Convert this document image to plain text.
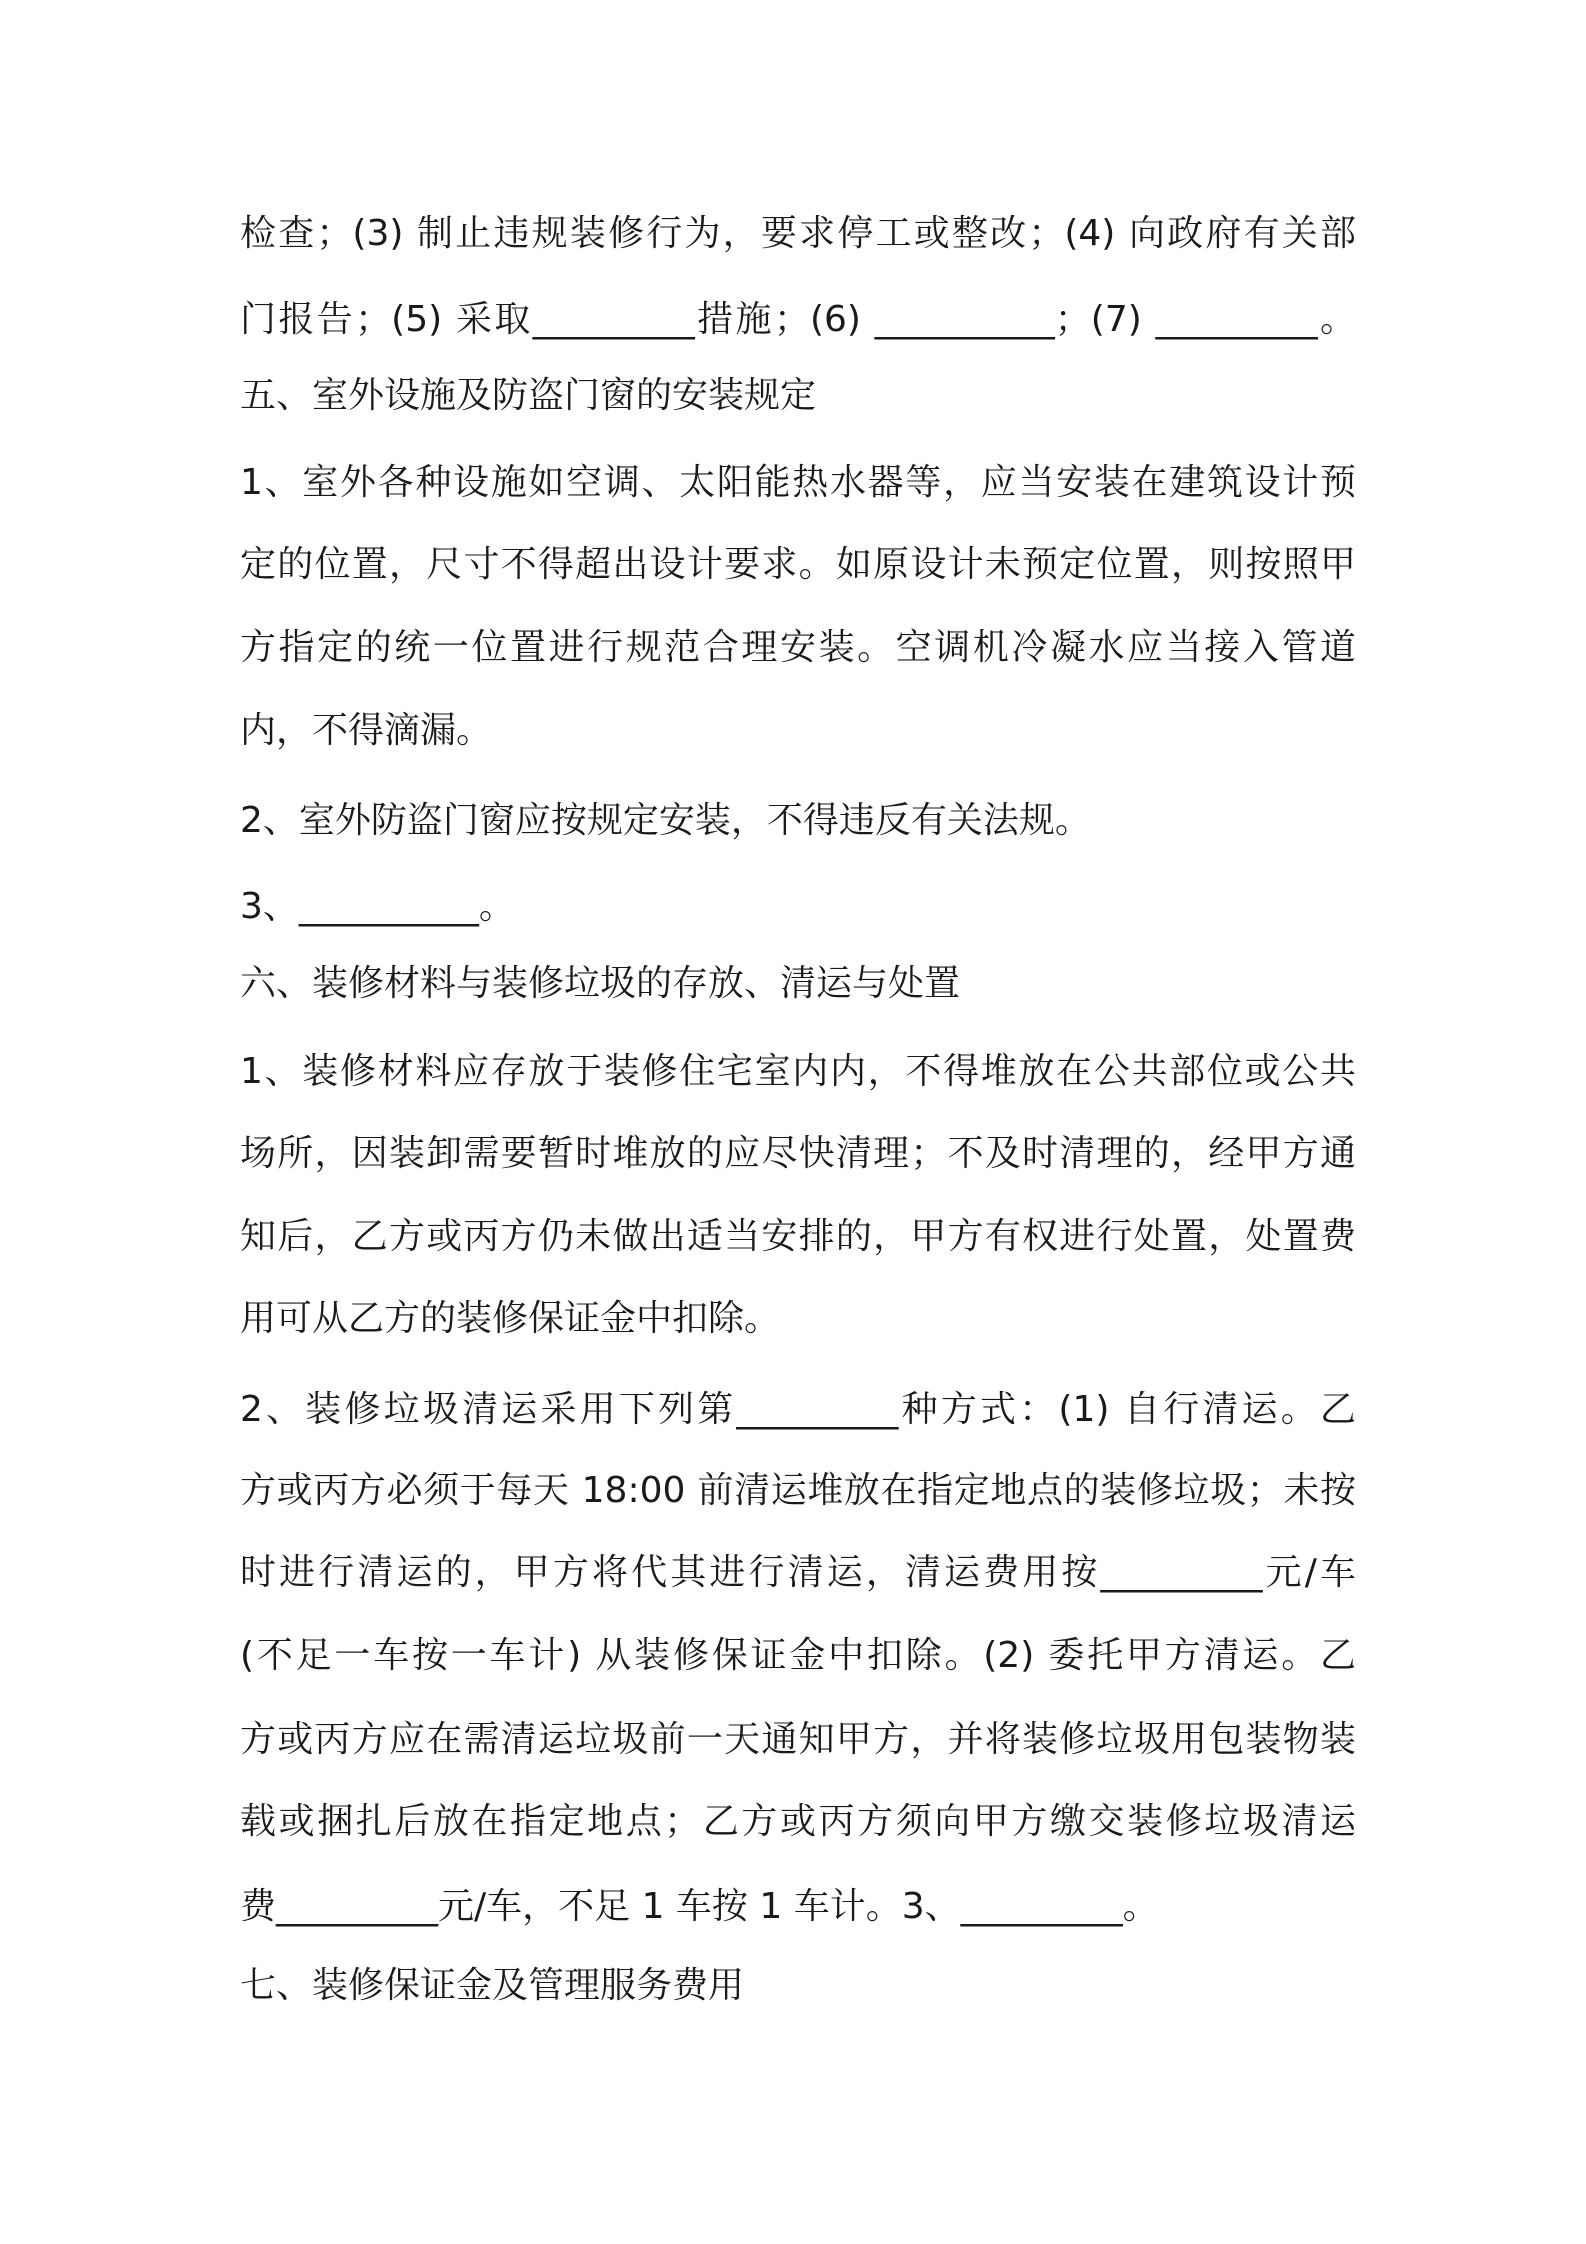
检查；(3) 制止违规装修行为，要求停工或整改；(4) 向政府有关部
门报告；(5) 采取_________措施；(6) __________；(7) _________。
五、室外设施及防盗门窗的安装规定
1、室外各种设施如空调、太阳能热水器等，应当安装在建筑设计预
定的位置，尺寸不得超出设计要求。如原设计未预定位置，则按照甲
方指定的统一位置进行规范合理安装。空调机冷凝水应当接入管道
内，不得滴漏。
2、室外防盗门窗应按规定安装，不得违反有关法规。
3、__________。
六、装修材料与装修垃圾的存放、清运与处置
1、装修材料应存放于装修住宅室内内，不得堆放在公共部位或公共
场所，因装卸需要暂时堆放的应尽快清理；不及时清理的，经甲方通
知后，乙方或丙方仍未做出适当安排的，甲方有权进行处置，处置费
用可从乙方的装修保证金中扣除。
2、装修垃圾清运采用下列第_________种方式：(1) 自行清运。乙
方或丙方必须于每天 18:00 前清运堆放在指定地点的装修垃圾；未按
时进行清运的，甲方将代其进行清运，清运费用按_________元/车
(不足一车按一车计) 从装修保证金中扣除。(2) 委托甲方清运。乙
方或丙方应在需清运垃圾前一天通知甲方，并将装修垃圾用包装物装
载或捆扎后放在指定地点；乙方或丙方须向甲方缴交装修垃圾清运
费_________元/车，不足 1 车按 1 车计。3、_________。
七、装修保证金及管理服务费用
